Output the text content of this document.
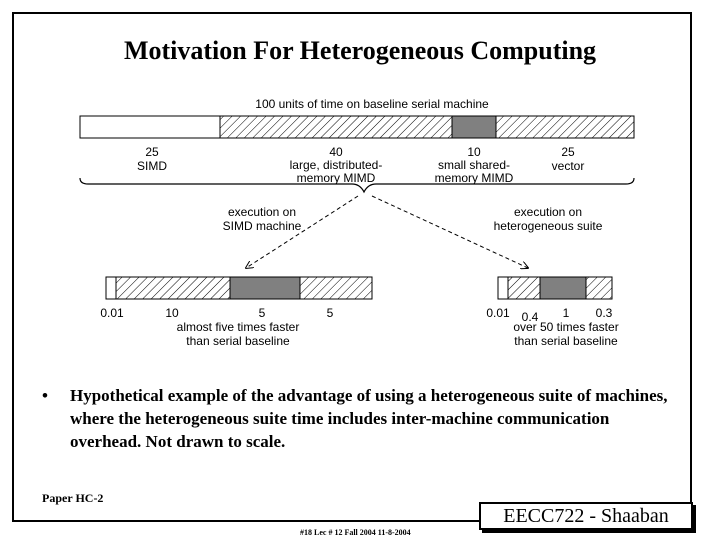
Motivation For Heterogeneous Computing
100 units of time on baseline serial machine
25
SIMD
40
large, distributed-
memory MIMD
10
small shared-
memory MIMD
25
vector
execution on
SIMD machine
execution on
heterogeneous suite
0.01	10	5	5
almost five times faster
than serial baseline
0.01 0.4 1 0.3
over 50 times faster
than serial baseline
• Hypothetical example of the advantage of using a heterogeneous suite of machines, where the heterogeneous suite time includes inter-machine communication overhead. Not drawn to scale.
Paper HC-2
EECC722 - Shaaban
#18 Lec # 12 Fall 2004 11-8-2004
